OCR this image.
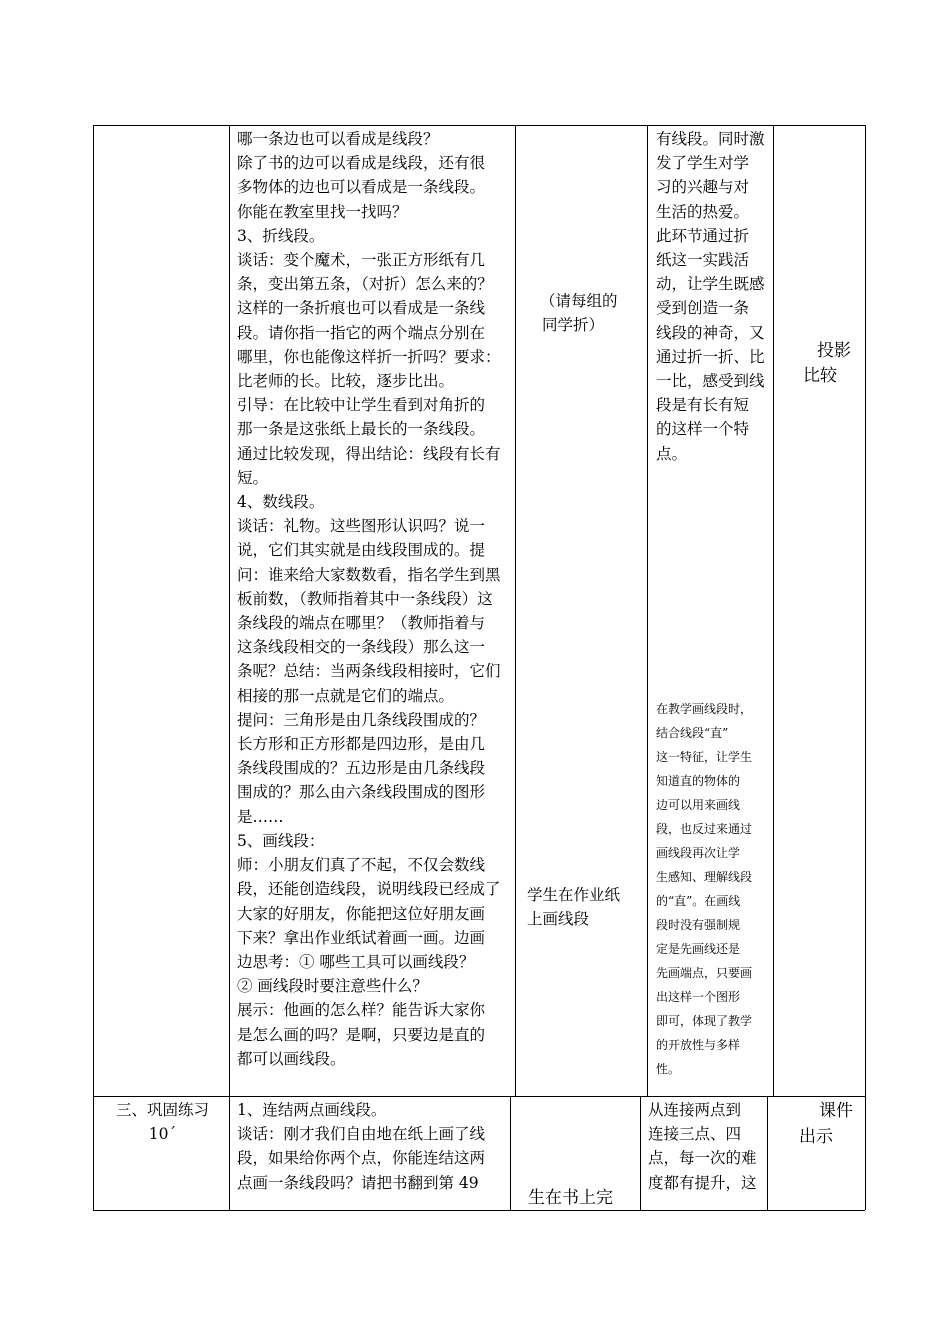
哪一条边也可以看成是线段？

除了书的边可以看成是线段，还有很

多物体的边也可以看成是一条线段。

你能在教室里找一找吗？

3、折线段。

谈话：变个魔术，一张正方形纸有几

条，变出第五条，（对折）怎么来的？

这样的一条折痕也可以看成是一条线

段。请你指一指它的两个端点分别在

哪里，你也能像这样折一折吗？要求：

比老师的长。比较，逐步比出。

引导：在比较中让学生看到对角折的

那一条是这张纸上最长的一条线段。

通过比较发现，得出结论：线段有长有

短。

4、数线段。

谈话：礼物。这些图形认识吗？说一

说，它们其实就是由线段围成的。提

问：谁来给大家数数看，指名学生到黑

板前数，（教师指着其中一条线段）这

条线段的端点在哪里？（教师指着与

这条线段相交的一条线段）那么这一

条呢？总结：当两条线段相接时，它们

相接的那一点就是它们的端点。

提问：三角形是由几条线段围成的？

长方形和正方形都是四边形，是由几

条线段围成的？五边形是由几条线段

围成的？那么由六条线段围成的图形

是……

5、画线段：

师：小朋友们真了不起，不仅会数线

段，还能创造线段，说明线段已经成了

大家的好朋友，你能把这位好朋友画

下来？拿出作业纸试着画一画。边画

边思考：① 哪些工具可以画线段？

② 画线段时要注意些什么？

展示：他画的怎么样？能告诉大家你

是怎么画的吗？是啊，只要边是直的

都可以画线段。

（请每组的

同学折）

学生在作业纸

上画线段

有线段。同时激

发了学生对学

习的兴趣与对

生活的热爱。

此环节通过折

纸这一实践活

动，让学生既感

受到创造一条

线段的神奇，又

通过折一折、比

一比，感受到线

段是有长有短

的这样一个特

点。

在教学画线段时，

结合线段“直”

这一特征，让学生

知道直的物体的

边可以用来画线

段，也反过来通过

画线段再次让学

生感知、理解线段

的“直”。在画线

段时没有强制规

定是先画线还是

先画端点，只要画

出这样一个图形

即可，体现了教学

的开放性与多样

性。

投影

比较

三、巩固练习

10ˊ

1、连结两点画线段。

谈话：刚才我们自由地在纸上画了线

段，如果给你两个点，你能连结这两

点画一条线段吗？请把书翻到第 49

生在书上完

从连接两点到

连接三点、四

点，每一次的难

度都有提升，这

课件

出示
